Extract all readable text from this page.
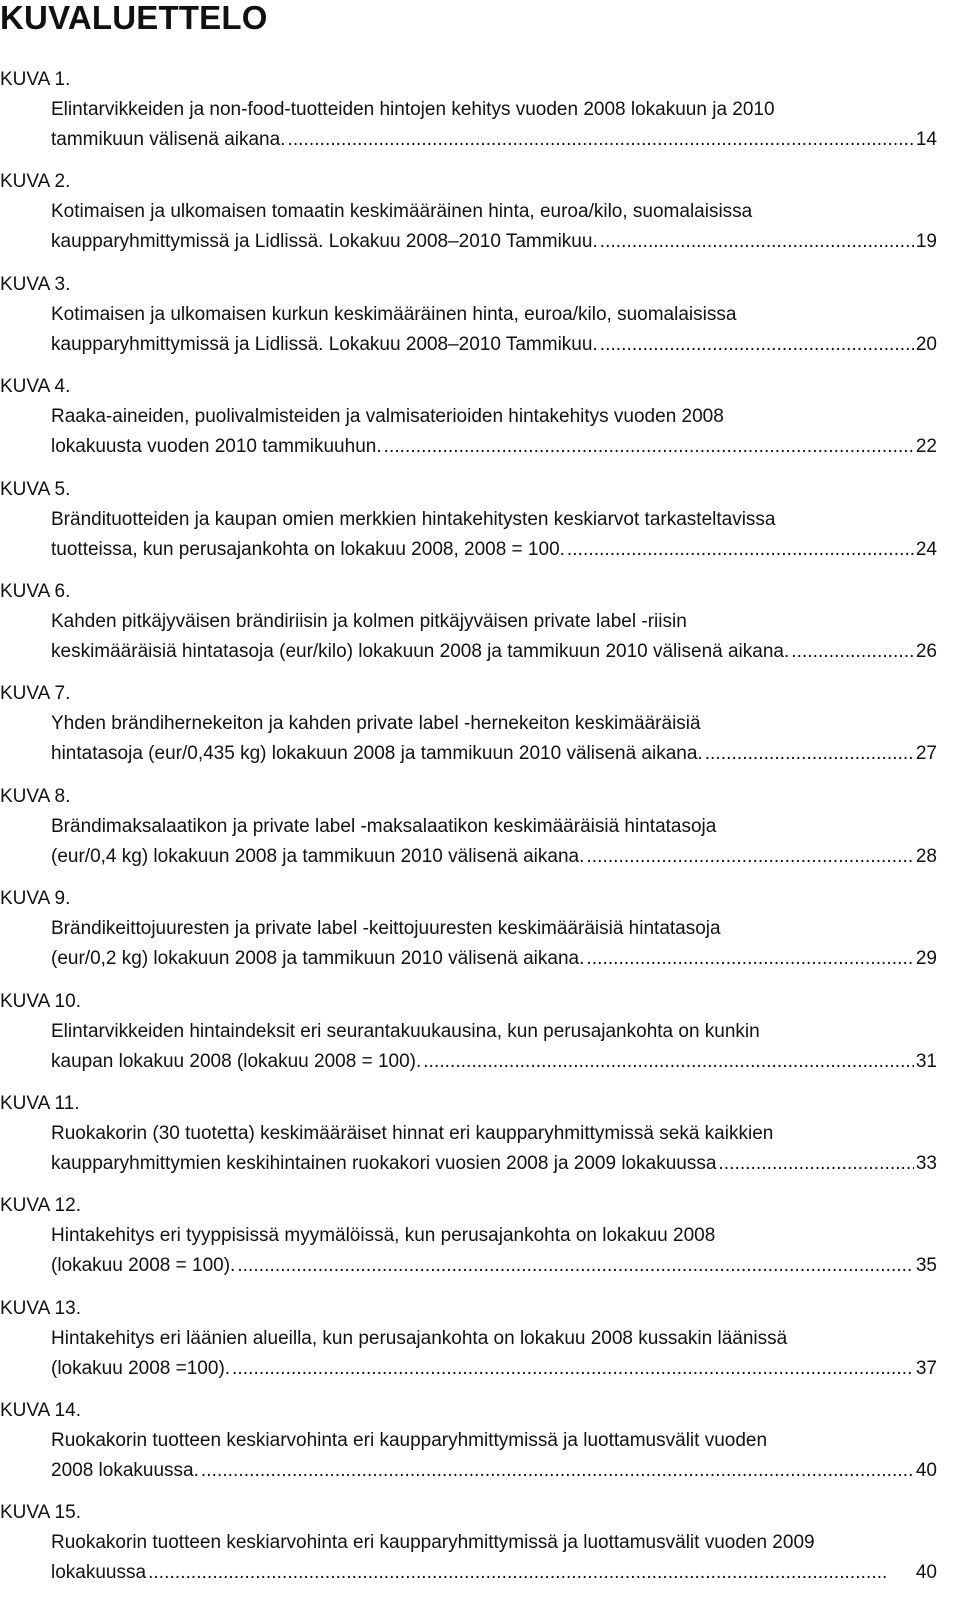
KUVALUETTELO
KUVA 1.
Elintarvikkeiden ja non-food-tuotteiden hintojen kehitys vuoden 2008 lokakuun ja 2010
tammikuun välisenä aikana. . . .	14
KUVA 2.
Kotimaisen ja ulkomaisen tomaatin keskimääräinen hinta, euroa/kilo, suomalaisissa
kaupparyhmittymissä ja Lidlissä. Lokakuu 2008–2010 Tammikuu. . . .	19
KUVA 3.
Kotimaisen ja ulkomaisen kurkun keskimääräinen hinta, euroa/kilo, suomalaisissa
kaupparyhmittymissä ja Lidlissä. Lokakuu 2008–2010 Tammikuu. . . .	20
KUVA 4.
Raaka-aineiden, puolivalmisteiden ja valmisaterioiden hintakehitys vuoden 2008
lokakuusta vuoden 2010 tammikuuhun. . . .	22
KUVA 5.
Brändituotteiden ja kaupan omien merkkien hintakehitysten keskiarvot tarkasteltavissa
tuotteissa, kun perusajankohta on lokakuu 2008, 2008 = 100. . . .	24
KUVA 6.
Kahden pitkäjyväisen brändiriisin ja kolmen pitkäjyväisen private label -riisin
keskimääräisiä hintatasoja (eur/kilo) lokakuun 2008 ja tammikuun 2010 välisenä aikana. . . .	26
KUVA 7.
Yhden brändihernekeiton ja kahden private label -hernekeiton keskimääräisiä
hintatasoja (eur/0,435 kg) lokakuun 2008 ja tammikuun 2010 välisenä aikana. . . .	27
KUVA 8.
Brändimaksalaatikon ja private label -maksalaatikon keskimääräisiä hintatasoja
(eur/0,4 kg) lokakuun 2008 ja tammikuun 2010 välisenä aikana. . . .	28
KUVA 9.
Brändikeittojuuresten ja private label -keittojuuresten keskimääräisiä hintatasoja
(eur/0,2 kg) lokakuun 2008 ja tammikuun 2010 välisenä aikana. . . .	29
KUVA 10.
Elintarvikkeiden hintaindeksit eri seurantakuukausina, kun perusajankohta on kunkin
kaupan lokakuu 2008 (lokakuu 2008 = 100). . . .	31
KUVA 11.
Ruokakorin (30 tuotetta) keskimääräiset hinnat eri kaupparyhmittymissä sekä kaikkien
kaupparyhmittymien keskihintainen ruokakori vuosien 2008 ja 2009 lokakuussa . . .	33
KUVA 12.
Hintakehitys eri tyyppisissä myymälöissä, kun perusajankohta on lokakuu 2008
(lokakuu 2008 = 100). . . .	35
KUVA 13.
Hintakehitys eri läänien alueilla, kun perusajankohta on lokakuu 2008 kussakin läänissä
(lokakuu 2008 =100). . . .	37
KUVA 14.
Ruokakorin tuotteen keskiarvohinta eri kaupparyhmittymissä ja luottamusvälit vuoden
2008 lokakuussa. . . .	40
KUVA 15.
Ruokakorin tuotteen keskiarvohinta eri kaupparyhmittymissä ja luottamusvälit vuoden 2009
lokakuussa . . .	40
